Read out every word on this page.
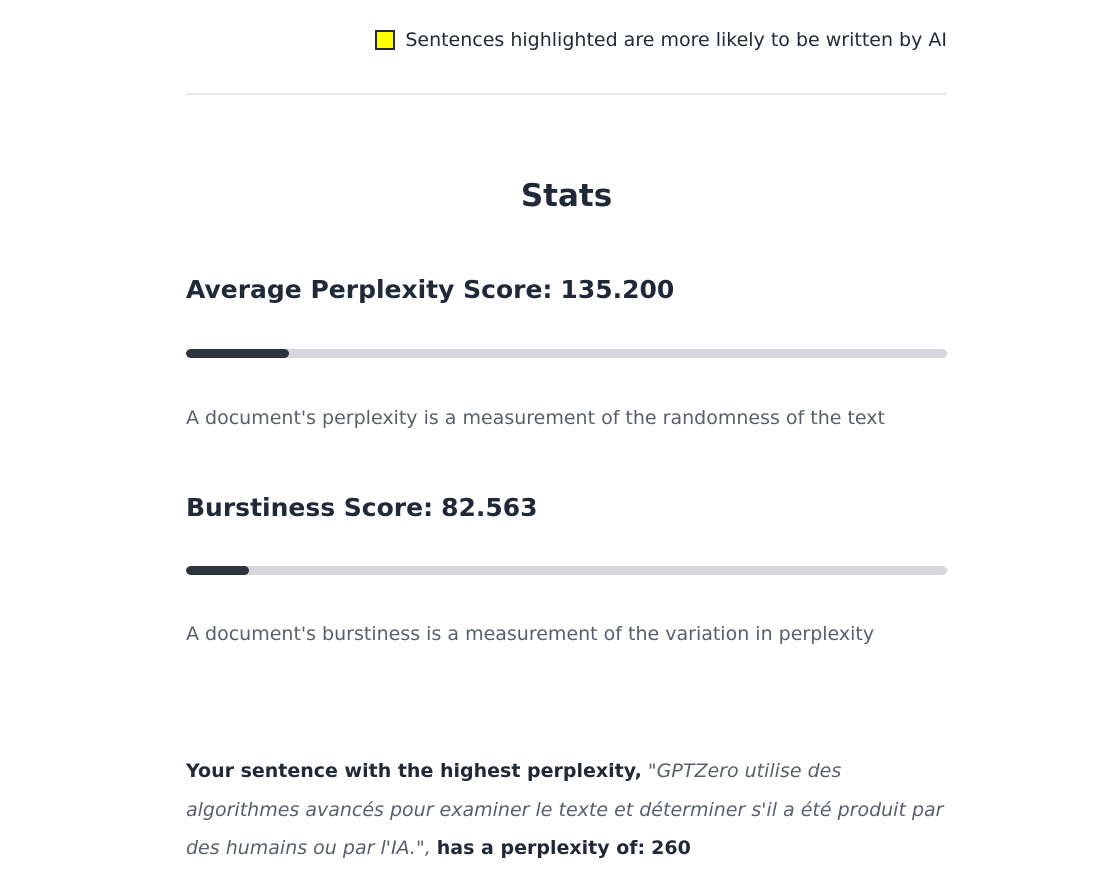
Sentences highlighted are more likely to be written by AI
Stats
Average Perplexity Score: 135.200

A document's perplexity is a measurement of the randomness of the text

Burstiness Score: 82.563

A document's burstiness is a measurement of the variation in perplexity

Your sentence with the highest perplexity, "GPTZero utilise des algorithmes avancés pour examiner le texte et déterminer s'il a été produit par des humains ou par l'IA.", has a perplexity of: 260
